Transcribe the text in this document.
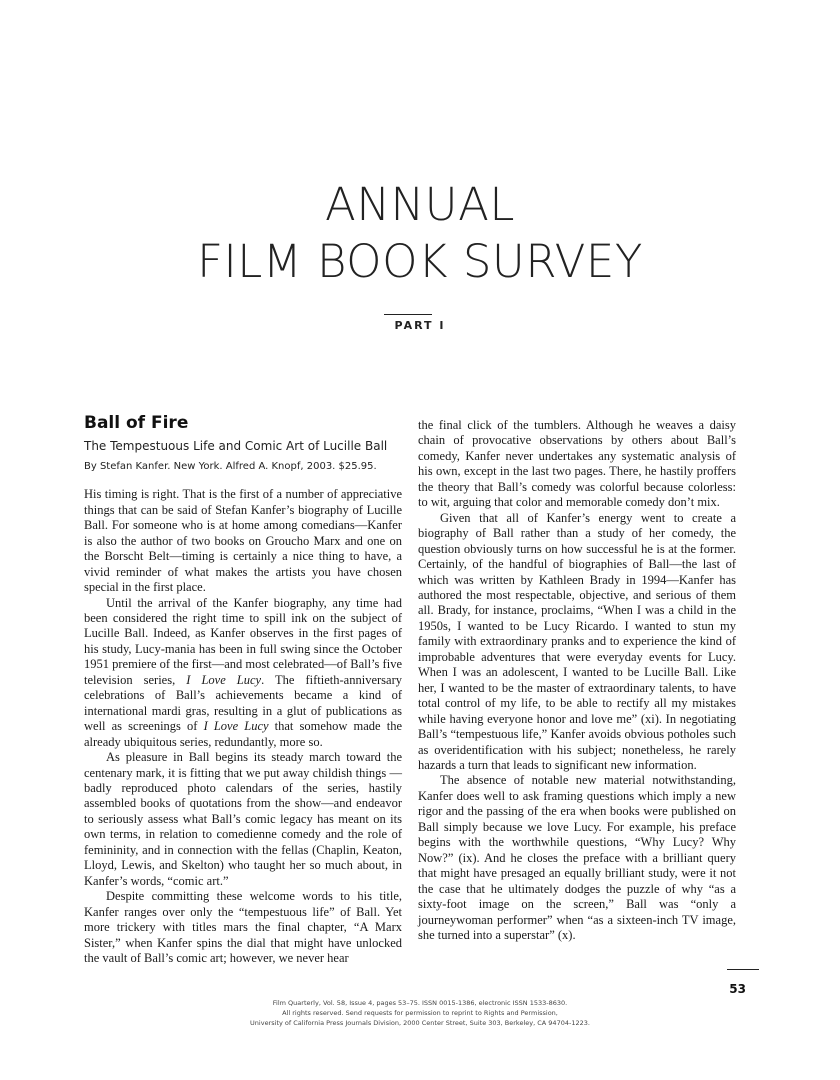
ANNUAL
FILM BOOK SURVEY
PART I
Ball of Fire
The Tempestuous Life and Comic Art of Lucille Ball
By Stefan Kanfer. New York. Alfred A. Knopf, 2003. $25.95.

His timing is right. That is the first of a number of appreciative things that can be said of Stefan Kanfer’s biography of Lucille Ball. For someone who is at home among comedians—Kanfer is also the author of two books on Groucho Marx and one on the Borscht Belt—timing is certainly a nice thing to have, a vivid reminder of what makes the artists you have chosen special in the first place.

Until the arrival of the Kanfer biography, any time had been considered the right time to spill ink on the subject of Lucille Ball. Indeed, as Kanfer observes in the first pages of his study, Lucy-mania has been in full swing since the October 1951 premiere of the first—and most celebrated—of Ball’s five television series, I Love Lucy. The fiftieth-anniversary celebrations of Ball’s achievements became a kind of international mardi gras, resulting in a glut of publications as well as screenings of I Love Lucy that somehow made the already ubiquitous series, redundantly, more so.

As pleasure in Ball begins its steady march toward the centenary mark, it is fitting that we put away childish things —badly reproduced photo calendars of the series, hastily assembled books of quotations from the show—and endeavor to seriously assess what Ball’s comic legacy has meant on its own terms, in relation to comedienne comedy and the role of femininity, and in connection with the fellas (Chaplin, Keaton, Lloyd, Lewis, and Skelton) who taught her so much about, in Kanfer’s words, “comic art.”

Despite committing these welcome words to his title, Kanfer ranges over only the “tempestuous life” of Ball. Yet more trickery with titles mars the final chapter, “A Marx Sister,” when Kanfer spins the dial that might have unlocked the vault of Ball’s comic art; however, we never hear

the final click of the tumblers. Although he weaves a daisy chain of provocative observations by others about Ball’s comedy, Kanfer never undertakes any systematic analysis of his own, except in the last two pages. There, he hastily proffers the theory that Ball’s comedy was colorful because colorless: to wit, arguing that color and memorable comedy don’t mix.

Given that all of Kanfer’s energy went to create a biography of Ball rather than a study of her comedy, the question obviously turns on how successful he is at the former. Certainly, of the handful of biographies of Ball—the last of which was written by Kathleen Brady in 1994—Kanfer has authored the most respectable, objective, and serious of them all. Brady, for instance, proclaims, “When I was a child in the 1950s, I wanted to be Lucy Ricardo. I wanted to stun my family with extraordinary pranks and to experience the kind of improbable adventures that were everyday events for Lucy. When I was an adolescent, I wanted to be Lucille Ball. Like her, I wanted to be the master of extraordinary talents, to have total control of my life, to be able to rectify all my mistakes while having everyone honor and love me” (xi). In negotiating Ball’s “tempestuous life,” Kanfer avoids obvious potholes such as overidentification with his subject; nonetheless, he rarely hazards a turn that leads to significant new information.

The absence of notable new material notwithstanding, Kanfer does well to ask framing questions which imply a new rigor and the passing of the era when books were published on Ball simply because we love Lucy. For example, his preface begins with the worthwhile questions, “Why Lucy? Why Now?” (ix). And he closes the preface with a brilliant query that might have presaged an equally brilliant study, were it not the case that he ultimately dodges the puzzle of why “as a sixty-foot image on the screen,” Ball was “only a journeywoman performer” when “as a sixteen-inch TV image, she turned into a superstar” (x).

53
Film Quarterly, Vol. 58, Issue 4, pages 53–75. ISSN 0015-1386, electronic ISSN 1533-8630.
All rights reserved. Send requests for permission to reprint to Rights and Permission,
University of California Press Journals Division, 2000 Center Street, Suite 303, Berkeley, CA 94704-1223.
